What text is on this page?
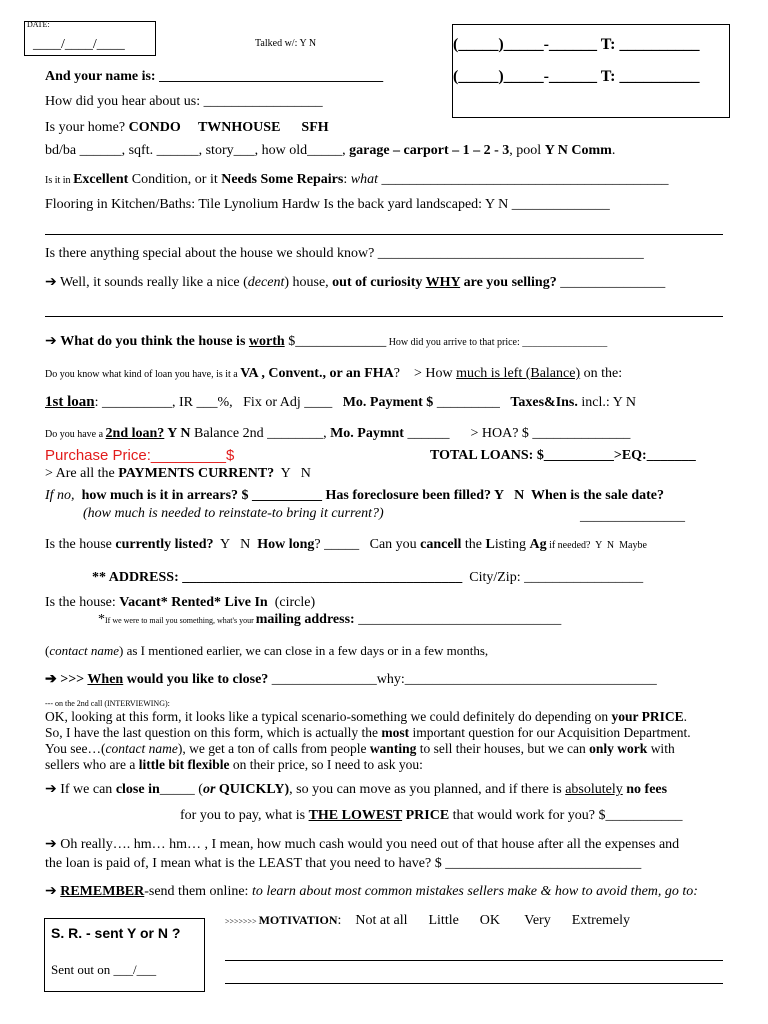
DATE:
____/____/____	Talked w/: Y N	(_____)_____-______ T: __________
(_____)_____-______ T: __________
And your name is: ________________________________
How did you hear about us: _________________
Is your home? CONDO     TWNHOUSE      SFH
bd/ba ______, sqft. ______, story___, how old_____, garage – carport – 1 – 2 - 3, pool Y N Comm.
Is it in Excellent Condition, or it Needs Some Repairs: what _________________________________________
Flooring in Kitchen/Baths: Tile Lynolium Hardw Is the back yard landscaped: Y N ______________
Is there anything special about the house we should know? ______________________________________
➔ Well, it sounds really like a nice (decent) house, out of curiosity WHY are you selling? _______________
➔ What do you think the house is worth $_____________ How did you arrive to that price: _________________
Do you know what kind of loan you have, is it a VA , Convent., or an FHA?    > How much is left (Balance) on the:
1st loan: __________, IR ___%,   Fix or Adj ____   Mo. Payment $ _________   Taxes&Ins. incl.: Y N
Do you have a 2nd loan? Y N Balance 2nd ________, Mo. Paymnt ______      > HOA? $ ______________
Purchase Price:_________$	TOTAL LOANS: $__________>EQ:_______
> Are all the PAYMENTS CURRENT?  Y   N
If no,  how much is it in arrears? $ __________ Has foreclosure been filled? Y   N  When is the sale date?
(how much is needed to reinstate-to bring it current?)	_______________
Is the house currently listed?  Y   N  How long? _____   Can you cancell the Listing Ag if needed?  Y  N  Maybe
** ADDRESS: ________________________________________  City/Zip: _________________
Is the house: Vacant* Rented* Live In  (circle)
*If we were to mail you something, what's your mailing address: _____________________________
(contact name) as I mentioned earlier, we can close in a few days or in a few months,
➔ >>> When would you like to close? _______________why:____________________________________
--- on the 2nd call (INTERVIEWING):
OK, looking at this form, it looks like a typical scenario-something we could definitely do depending on your PRICE.
So, I have the last question on this form, which is actually the most important question for our Acquisition Department.
You see…(contact name), we get a ton of calls from people wanting to sell their houses, but we can only work with
sellers who are a little bit flexible on their price, so I need to ask you:
➔ If we can close in_____ (or QUICKLY), so you can move as you planned, and if there is absolutely no fees
for you to pay, what is THE LOWEST PRICE that would work for you? $___________
➔ Oh really…. hm… hm… , I mean, how much cash would you need out of that house after all the expenses and
the loan is paid of, I mean what is the LEAST that you need to have? $ ____________________________
➔ REMEMBER-send them online: to learn about most common mistakes sellers make & how to avoid them, go to:
S. R. - sent Y or N ?
Sent out on ___/___
>>>>>>> MOTIVATION:    Not at all      Little      OK       Very      Extremely
